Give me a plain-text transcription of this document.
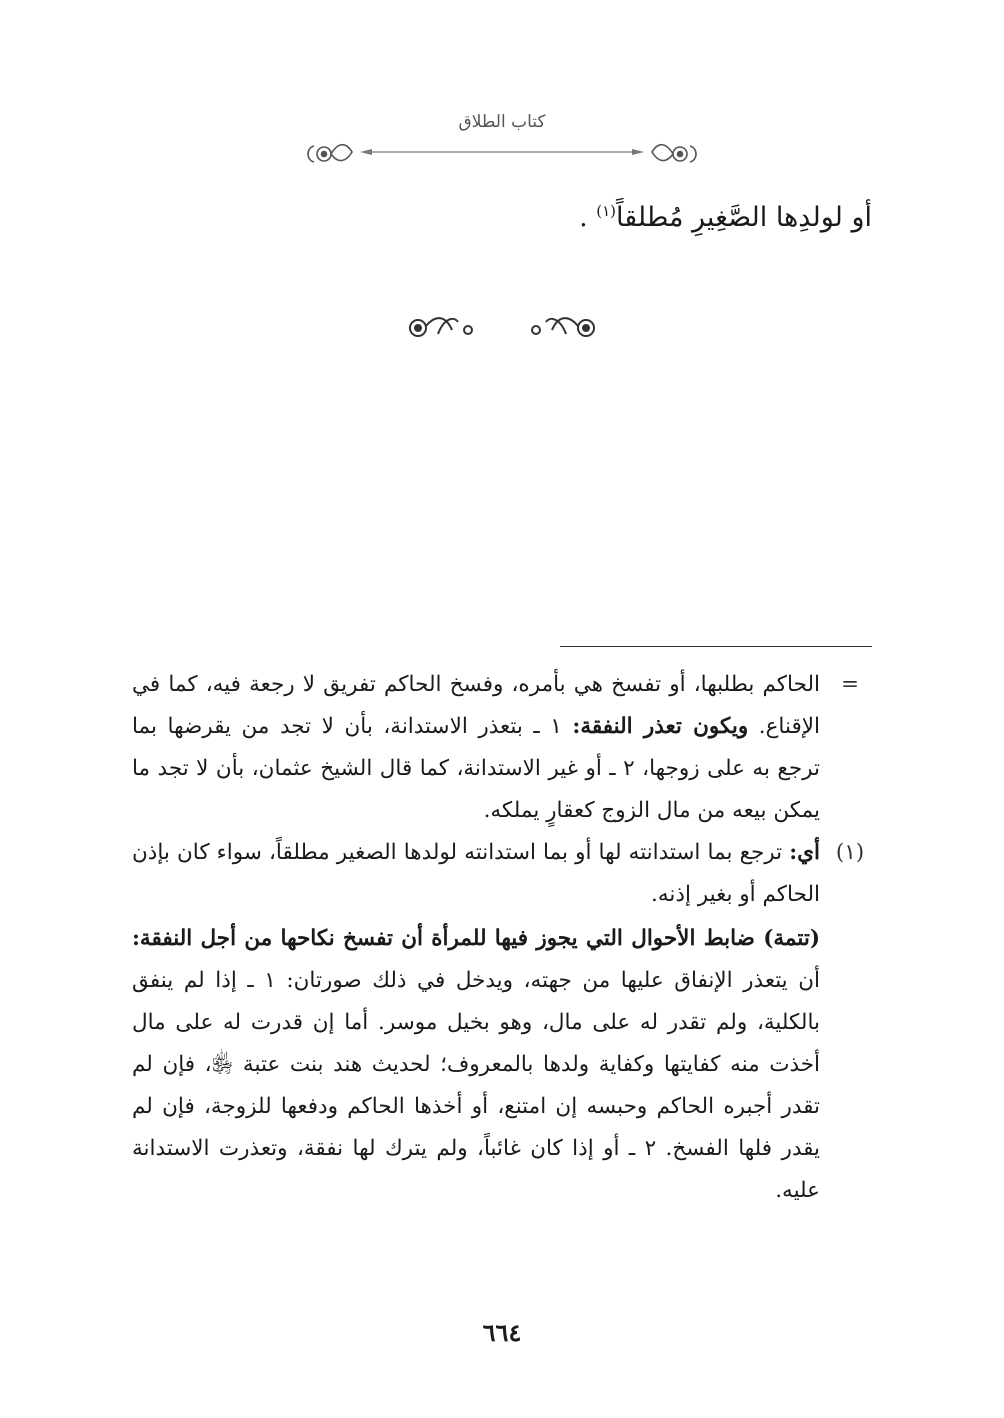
كتاب الطلاق
أو لولدِها الصَّغِيرِ مُطلقاً$^{(١)}$ .
=

الحاكم بطلبها، أو تفسخ هي بأمره، وفسخ الحاكم تفريق لا رجعة فيه، كما في الإقناع. ويكون تعذر النفقة: ١ ـ بتعذر الاستدانة، بأن لا تجد من يقرضها بما ترجع به على زوجها، ٢ ـ أو غير الاستدانة، كما قال الشيخ عثمان، بأن لا تجد ما يمكن بيعه من مال الزوج كعقارٍ يملكه.

(١)

أي: ترجع بما استدانته لها أو بما استدانته لولدها الصغير مطلقاً، سواء كان بإذن الحاكم أو بغير إذنه.

(تتمة) ضابط الأحوال التي يجوز فيها للمرأة أن تفسخ نكاحها من أجل النفقة: أن يتعذر الإنفاق عليها من جهته، ويدخل في ذلك صورتان: ١ ـ إذا لم ينفق بالكلية، ولم تقدر له على مال، وهو بخيل موسر. أما إن قدرت له على مال أخذت منه كفايتها وكفاية ولدها بالمعروف؛ لحديث هند بنت عتبة ﵂، فإن لم تقدر أجبره الحاكم وحبسه إن امتنع، أو أخذها الحاكم ودفعها للزوجة، فإن لم يقدر فلها الفسخ. ٢ ـ أو إذا كان غائباً، ولم يترك لها نفقة، وتعذرت الاستدانة عليه.

٦٦٤
